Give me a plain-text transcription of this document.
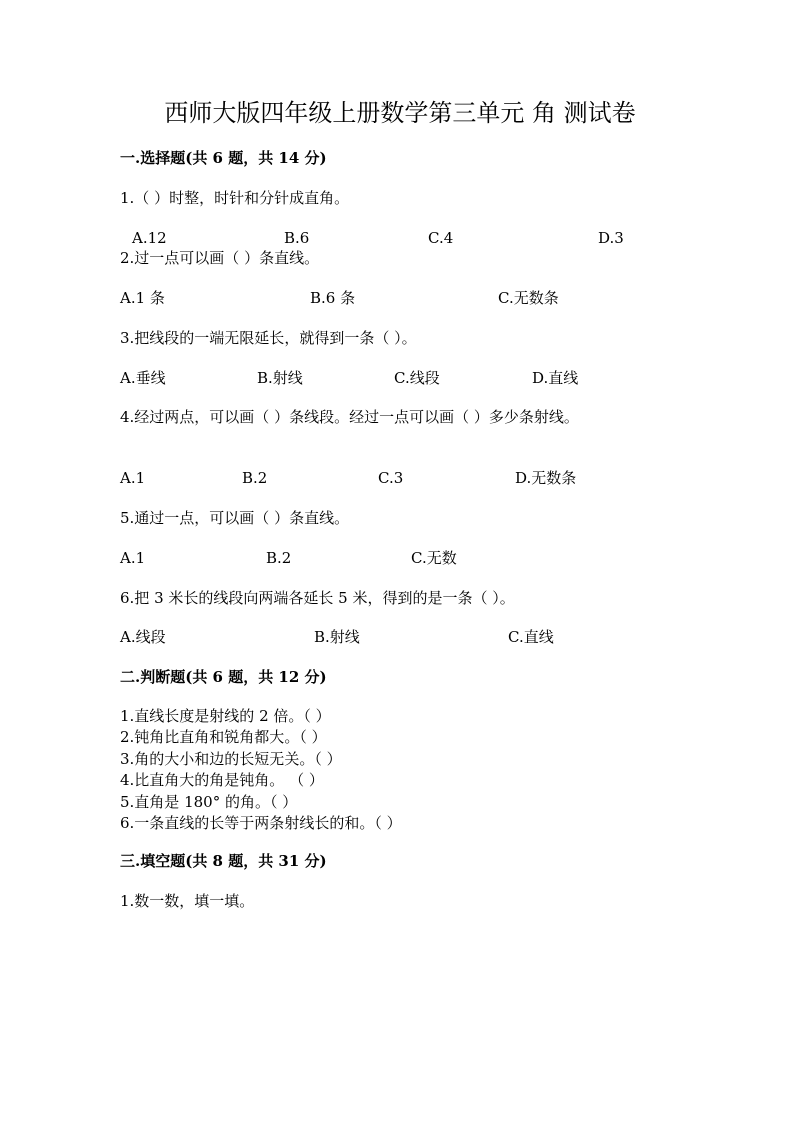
西师大版四年级上册数学第三单元 角 测试卷
一.选择题(共 6 题，共 14 分)
1.（ ）时整，时针和分针成直角。
A.12	B.6	C.4	D.3
2.过一点可以画（ ）条直线。
A.1 条	B.6 条	C.无数条
3.把线段的一端无限延长，就得到一条（ ）。
A.垂线	B.射线	C.线段	D.直线
4.经过两点，可以画（ ）条线段。经过一点可以画（ ）多少条射线。
A.1	B.2	C.3	D.无数条
5.通过一点，可以画（ ）条直线。
A.1	B.2	C.无数
6.把 3 米长的线段向两端各延长 5 米，得到的是一条（ ）。
A.线段	B.射线	C.直线
二.判断题(共 6 题，共 12 分)
1.直线长度是射线的 2 倍。（ ）
2.钝角比直角和锐角都大。（ ）
3.角的大小和边的长短无关。（ ）
4.比直角大的角是钝角。 （ ）
5.直角是 180° 的角。（ ）
6.一条直线的长等于两条射线长的和。（ ）
三.填空题(共 8 题，共 31 分)
1.数一数，填一填。
